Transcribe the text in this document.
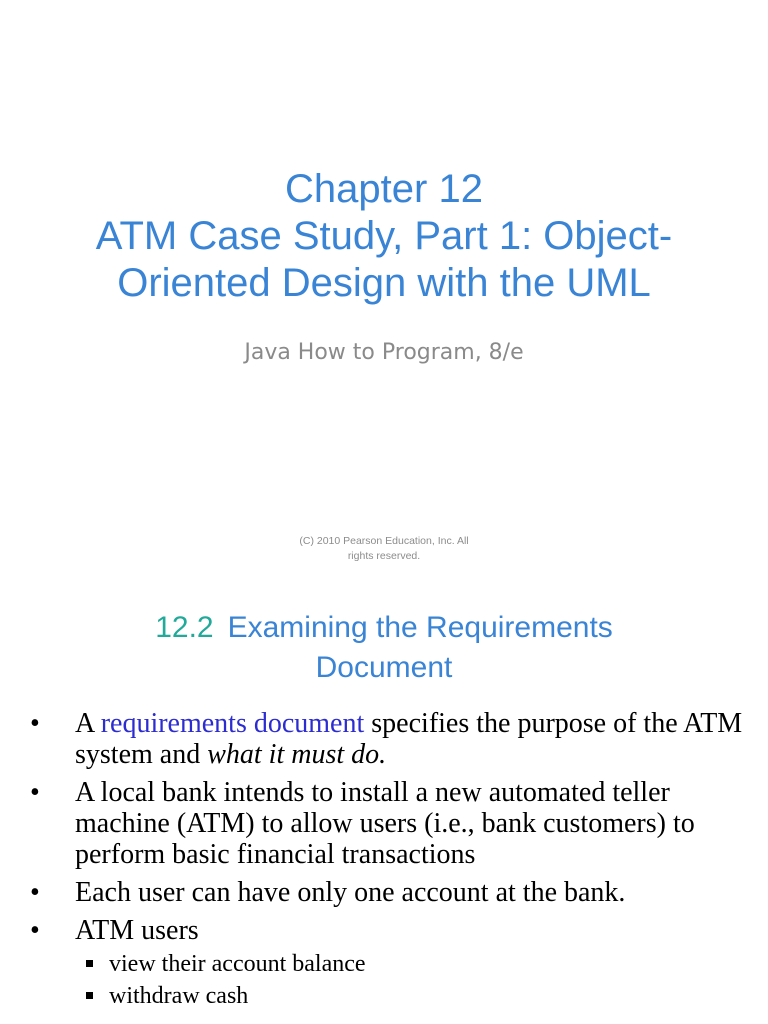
Chapter 12
ATM Case Study, Part 1: Object-
Oriented Design with the UML
Java How to Program, 8/e
(C) 2010 Pearson Education, Inc. All
rights reserved.
12.2 Examining the Requirements
Document
• A requirements document specifies the purpose of the ATM system and what it must do.
• A local bank intends to install a new automated teller machine (ATM) to allow users (i.e., bank customers) to perform basic financial transactions
• Each user can have only one account at the bank.
• ATM users
view their account balance
withdraw cash
